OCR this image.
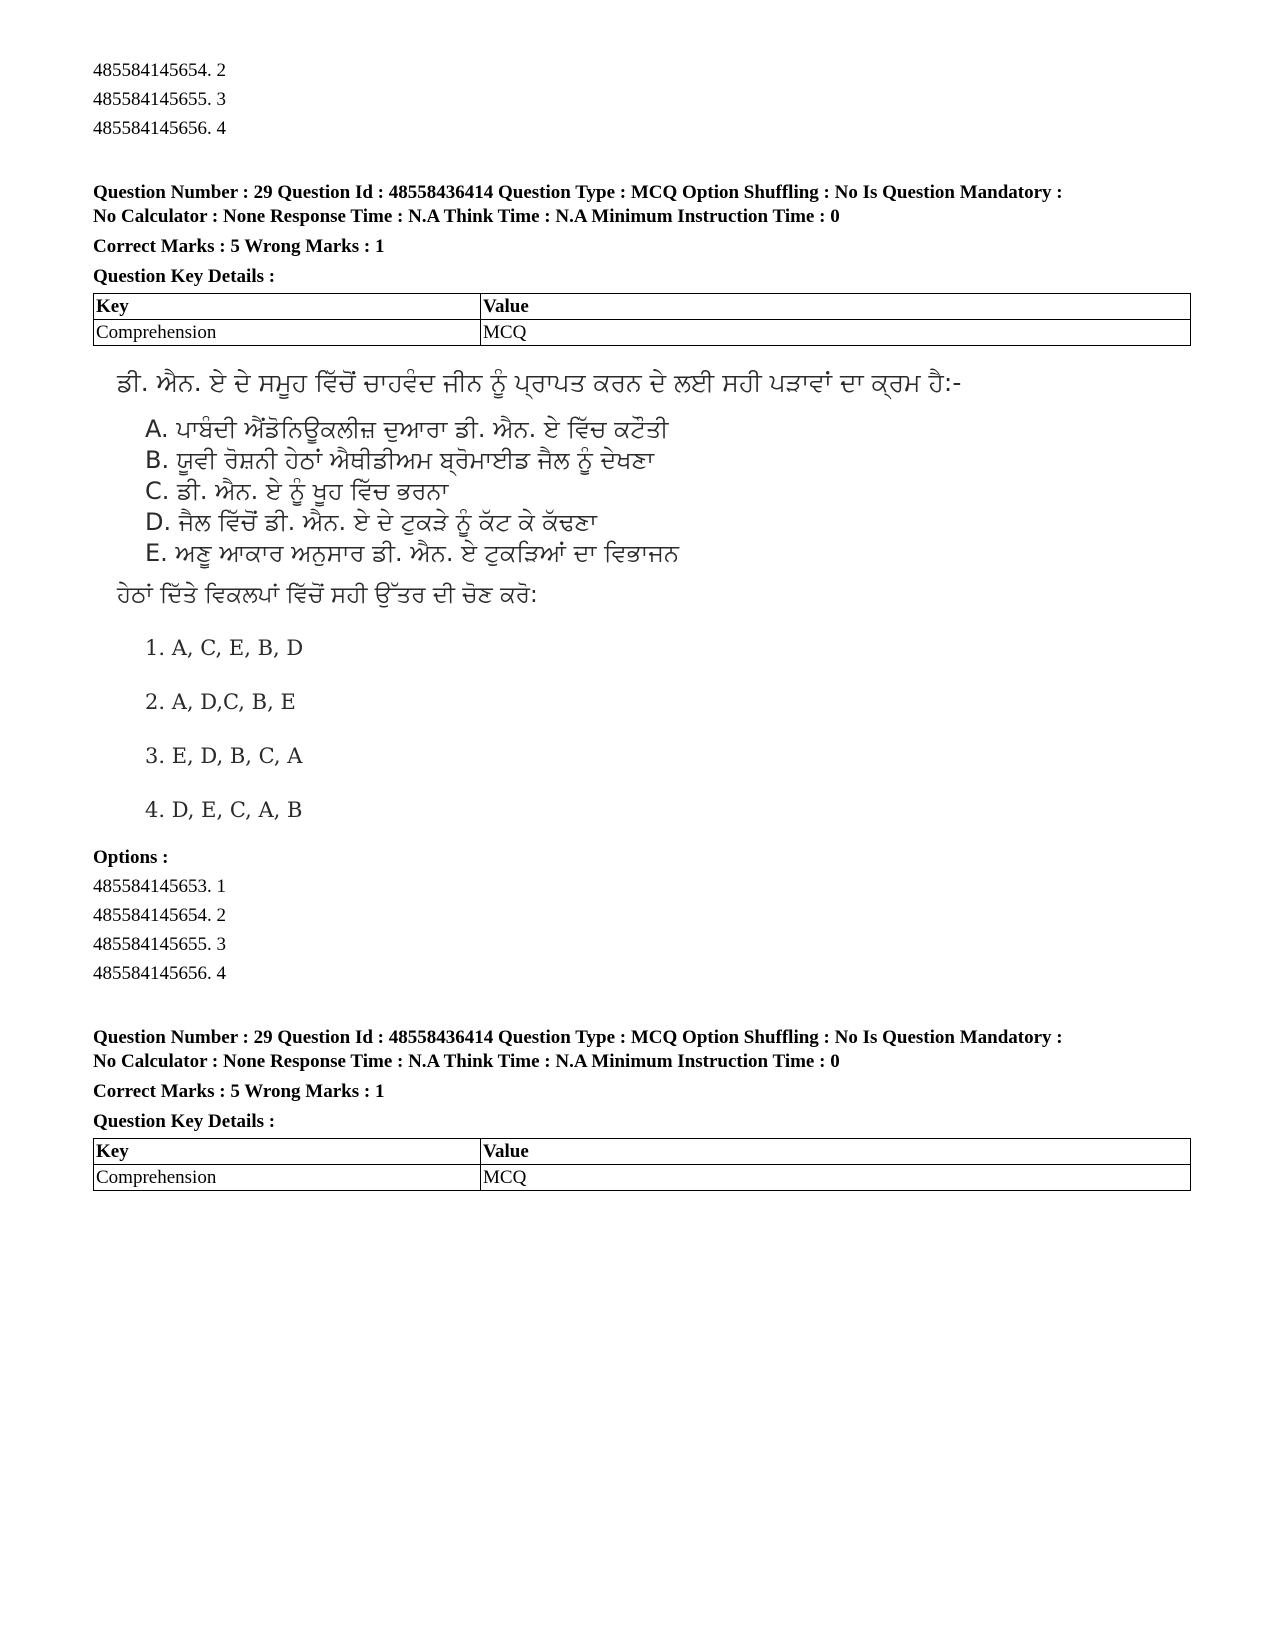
485584145654. 2
485584145655. 3
485584145656. 4
Question Number : 29 Question Id : 48558436414 Question Type : MCQ Option Shuffling : No Is Question Mandatory :
No Calculator : None Response Time : N.A Think Time : N.A Minimum Instruction Time : 0
Correct Marks : 5 Wrong Marks : 1
Question Key Details :
Key	Value
Comprehension	MCQ
ਡੀ. ਐਨ. ਏ ਦੇ ਸਮੂਹ ਵਿੱਚੋਂ ਚਾਹਵੰਦ ਜੀਨ ਨੂੰ ਪ੍ਰਾਪਤ ਕਰਨ ਦੇ ਲਈ ਸਹੀ ਪੜਾਵਾਂ ਦਾ ਕ੍ਰਮ ਹੈ:-
A. ਪਾਬੰਦੀ ਐਂਡੋਨਿਊਕਲੀਜ਼ ਦੁਆਰਾ ਡੀ. ਐਨ. ਏ ਵਿੱਚ ਕਟੌਤੀ
B. ਯੂਵੀ ਰੋਸ਼ਨੀ ਹੇਠਾਂ ਐਥੀਡੀਅਮ ਬ੍ਰੋਮਾਈਡ ਜੈਲ ਨੂੰ ਦੇਖਣਾ
C. ਡੀ. ਐਨ. ਏ ਨੂੰ ਖੂਹ ਵਿੱਚ ਭਰਨਾ
D. ਜੈਲ ਵਿੱਚੋਂ ਡੀ. ਐਨ. ਏ ਦੇ ਟੁਕੜੇ ਨੂੰ ਕੱਟ ਕੇ ਕੱਢਣਾ
E. ਅਣੂ ਆਕਾਰ ਅਨੁਸਾਰ ਡੀ. ਐਨ. ਏ ਟੁਕੜਿਆਂ ਦਾ ਵਿਭਾਜਨ
ਹੇਠਾਂ ਦਿੱਤੇ ਵਿਕਲਪਾਂ ਵਿੱਚੋਂ ਸਹੀ ਉੱਤਰ ਦੀ ਚੋਣ ਕਰੋ:
1. A, C, E, B, D
2. A, D,C, B, E
3. E, D, B, C, A
4. D, E, C, A, B
Options :
485584145653. 1
485584145654. 2
485584145655. 3
485584145656. 4
Question Number : 29 Question Id : 48558436414 Question Type : MCQ Option Shuffling : No Is Question Mandatory :
No Calculator : None Response Time : N.A Think Time : N.A Minimum Instruction Time : 0
Correct Marks : 5 Wrong Marks : 1
Question Key Details :
Key	Value
Comprehension	MCQ
